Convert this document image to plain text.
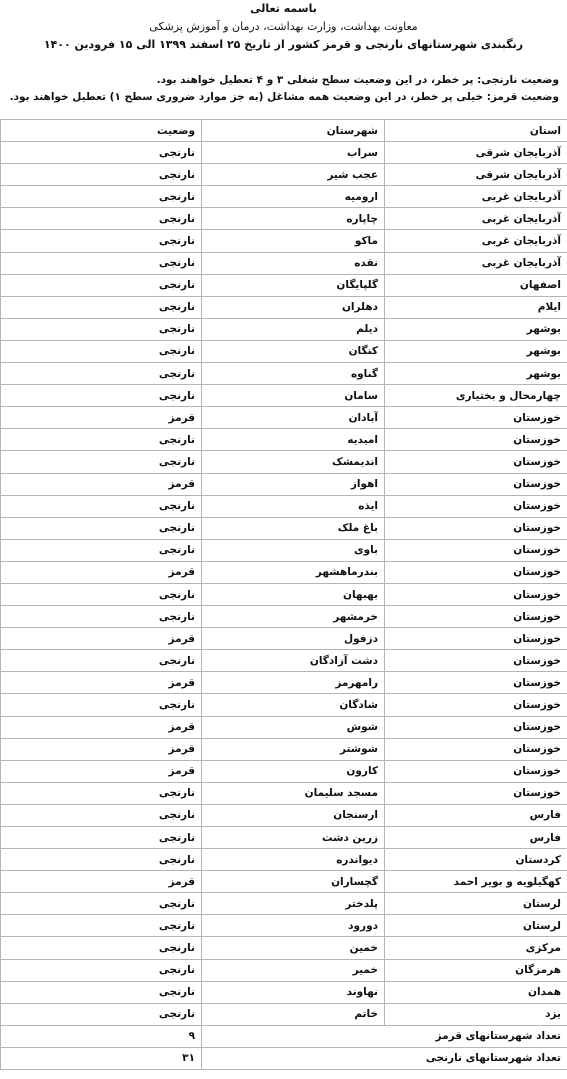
باسمه تعالی
معاونت بهداشت، وزارت بهداشت، درمان و آموزش پزشکی
رنگبندی شهرستانهای نارنجی و قرمز کشور از تاریخ ۲۵ اسفند ۱۳۹۹ الی ۱۵ فرودین ۱۴۰۰
وضعیت نارنجی: پر خطر، در این وضعیت سطح شغلی ۳ و ۴ تعطیل خواهند بود.
وضعیت قرمز: خیلی پر خطر، در این وضعیت همه مشاغل (به جز موارد ضروری سطح ۱) تعطیل خواهند بود.
استان	شهرستان	وضعیت
آذربایجان شرقی	سراب	نارنجی
آذربایجان شرقی	عجب شیر	نارنجی
آذربایجان غربی	ارومیه	نارنجی
آذربایجان غربی	چاپاره	نارنجی
آذربایجان غربی	ماکو	نارنجی
آذربایجان غربی	نقده	نارنجی
اصفهان	گلپایگان	نارنجی
ایلام	دهلران	نارنجی
بوشهر	دیلم	نارنجی
بوشهر	کنگان	نارنجی
بوشهر	گناوه	نارنجی
چهارمحال و بختیاری	سامان	نارنجی
خوزستان	آبادان	قرمز
خوزستان	امیدیه	نارنجی
خوزستان	اندیمشک	نارنجی
خوزستان	اهواز	قرمز
خوزستان	ایذه	نارنجی
خوزستان	باغ ملک	نارنجی
خوزستان	باوی	نارنجی
خوزستان	بندرماهشهر	قرمز
خوزستان	بهبهان	نارنجی
خوزستان	خرمشهر	نارنجی
خوزستان	دزفول	قرمز
خوزستان	دشت آزادگان	نارنجی
خوزستان	رامهرمز	قرمز
خوزستان	شادگان	نارنجی
خوزستان	شوش	قرمز
خوزستان	شوشتر	قرمز
خوزستان	کارون	قرمز
خوزستان	مسجد سلیمان	نارنجی
فارس	ارسنجان	نارنجی
فارس	زرین دشت	نارنجی
کردستان	دیواندره	نارنجی
کهگیلویه و بویر احمد	گچساران	قرمز
لرستان	پلدختر	نارنجی
لرستان	دورود	نارنجی
مرکزی	خمین	نارنجی
هرمزگان	خمیر	نارنجی
همدان	نهاوند	نارنجی
یزد	خاتم	نارنجی
تعداد شهرستانهای قرمز		۹
تعداد شهرستانهای نارنجی		۳۱
